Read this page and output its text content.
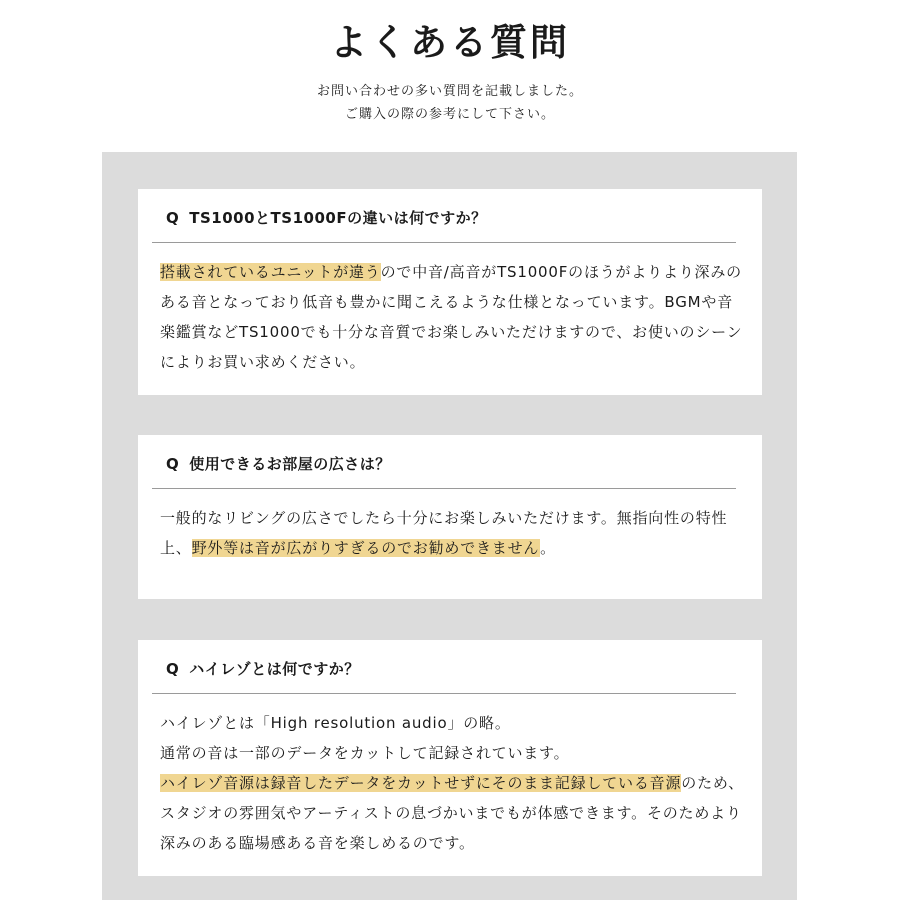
よくある質問

お問い合わせの多い質問を記載しました。
ご購入の際の参考にして下さい。

Q TS1000とTS1000Fの違いは何ですか？

搭載されているユニットが違うので中音/高音がTS1000Fのほうがよりより深みのある音となっており低音も豊かに聞こえるような仕様となっています。BGMや音楽鑑賞などTS1000でも十分な音質でお楽しみいただけますので、お使いのシーンによりお買い求めください。

Q 使用できるお部屋の広さは？

一般的なリビングの広さでしたら十分にお楽しみいただけます。無指向性の特性上、野外等は音が広がりすぎるのでお勧めできません。

Q ハイレゾとは何ですか？

ハイレゾとは「High resolution audio」の略。

通常の音は一部のデータをカットして記録されています。

ハイレゾ音源は録音したデータをカットせずにそのまま記録している音源のため、スタジオの雰囲気やアーティストの息づかいまでもが体感できます。そのためより深みのある臨場感ある音を楽しめるのです。
